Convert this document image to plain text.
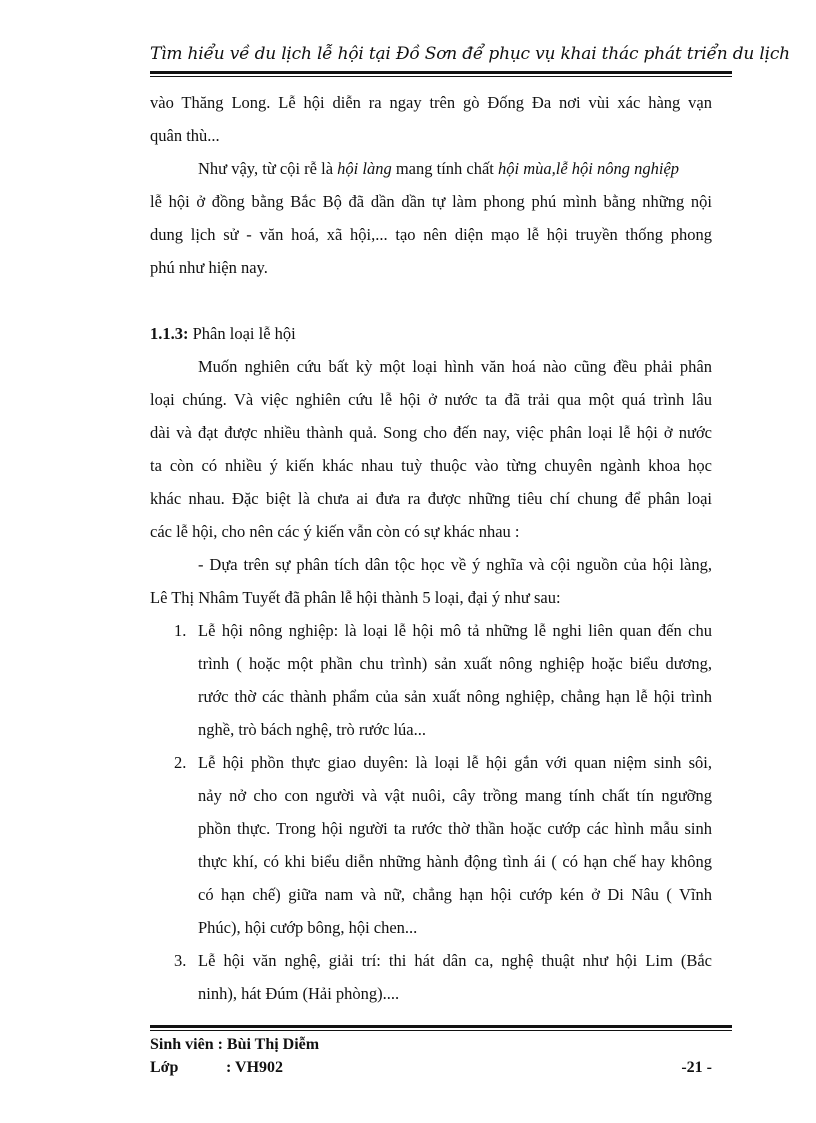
Tìm hiểu về du lịch lễ hội tại Đồ Sơn để phục vụ khai thác phát triển du lịch
vào Thăng Long. Lễ hội diễn ra ngay trên gò Đống Đa nơi vùi xác hàng vạn
quân thù...
Như vậy, từ cội rễ là hội làng mang tính chất hội mùa,lễ hội nông nghiệp
lễ hội ở đồng bằng Bắc Bộ đã dần dần tự làm phong phú mình bằng những nội
dung lịch sử - văn hoá, xã hội,... tạo nên diện mạo lễ hội truyền thống phong
phú như hiện nay.
1.1.3: Phân loại lễ hội
Muốn nghiên cứu bất kỳ một loại hình văn hoá nào cũng đều phải phân
loại chúng. Và việc nghiên cứu lễ hội ở nước ta đã trải qua một quá trình lâu
dài và đạt được nhiều thành quả. Song cho đến nay, việc phân loại lễ hội ở nước
ta còn có nhiều ý kiến khác nhau tuỳ thuộc vào từng chuyên ngành khoa học
khác nhau. Đặc biệt là chưa ai đưa ra được những tiêu chí chung để phân loại
các lễ hội, cho nên các ý kiến vẫn còn có sự khác nhau :
- Dựa trên sự phân tích dân tộc học về ý nghĩa và cội nguồn của hội làng,
Lê Thị Nhâm Tuyết đã phân lễ hội thành 5 loại, đại ý như sau:
1. Lễ hội nông nghiệp: là loại lễ hội mô tả những lễ nghi liên quan đến chu
trình ( hoặc một phần chu trình) sản xuất nông nghiệp hoặc biểu dương,
rước thờ các thành phẩm của sản xuất nông nghiệp, chẳng hạn lễ hội trình
nghề, trò bách nghệ, trò rước lúa...
2. Lễ hội phồn thực giao duyên: là loại lễ hội gắn với quan niệm sinh sôi,
nảy nở cho con người và vật nuôi, cây trồng mang tính chất tín ngưỡng
phồn thực. Trong hội người ta rước thờ thần hoặc cướp các hình mẫu sinh
thực khí, có khi biểu diễn những hành động tình ái ( có hạn chế hay không
có hạn chế) giữa nam và nữ, chẳng hạn hội cướp kén ở Di Nâu ( Vĩnh
Phúc), hội cướp bông, hội chen...
3. Lễ hội văn nghệ, giải trí: thi hát dân ca, nghệ thuật như hội Lim (Bắc
ninh), hát Đúm (Hải phòng)....
Sinh viên : Bùi Thị Diễm
Lớp	: VH902	-21 -
